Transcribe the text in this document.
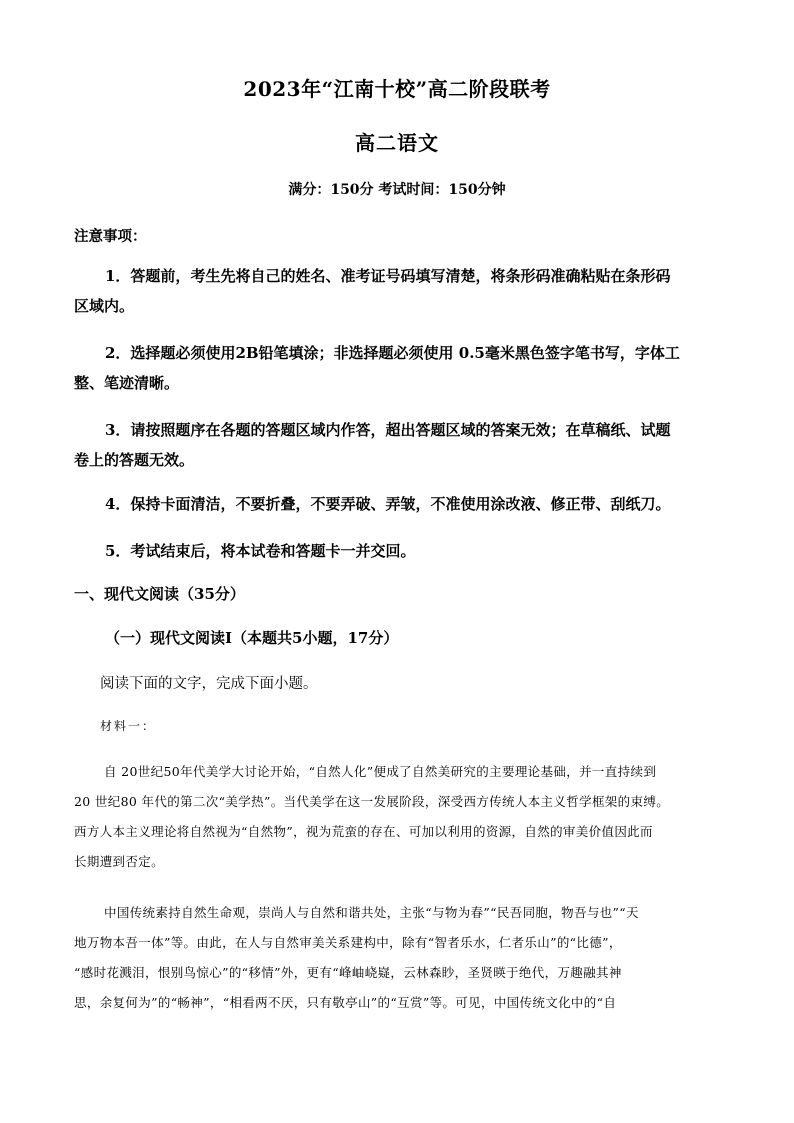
2023年“江南十校”高二阶段联考
高二语文
满分：150分 考试时间：150分钟
注意事项：
1．答题前，考生先将自己的姓名、准考证号码填写清楚，将条形码准确粘贴在条形码
区域内。
2．选择题必须使用2B铅笔填涂；非选择题必须使用 0.5毫米黑色签字笔书写，字体工
整、笔迹清晰。
3．请按照题序在各题的答题区域内作答，超出答题区域的答案无效；在草稿纸、试题
卷上的答题无效。
4．保持卡面清洁，不要折叠，不要弄破、弄皱，不准使用涂改液、修正带、刮纸刀。
5．考试结束后，将本试卷和答题卡一并交回。
一、现代文阅读（35分）
（一）现代文阅读Ⅰ（本题共5小题，17分）
阅读下面的文字，完成下面小题。
材料一：
自 20世纪50年代美学大讨论开始，“自然人化”便成了自然美研究的主要理论基础，并一直持续到
20 世纪80 年代的第二次“美学热”。当代美学在这一发展阶段，深受西方传统人本主义哲学框架的束缚。
西方人本主义理论将自然视为“自然物”，视为荒蛮的存在、可加以利用的资源，自然的审美价值因此而
长期遭到否定。
中国传统素持自然生命观，崇尚人与自然和谐共处，主张“与物为春”“民吾同胞，物吾与也”“天
地万物本吾一体”等。由此，在人与自然审美关系建构中，除有“智者乐水，仁者乐山”的“比德”，
“感时花溅泪，恨别鸟惊心”的“移情”外，更有“峰岫峣嶷，云林森眇，圣贤暎于绝代，万趣融其神
思，余复何为”的“畅神”，“相看两不厌，只有敬亭山”的“互赏”等。可见，中国传统文化中的“自
